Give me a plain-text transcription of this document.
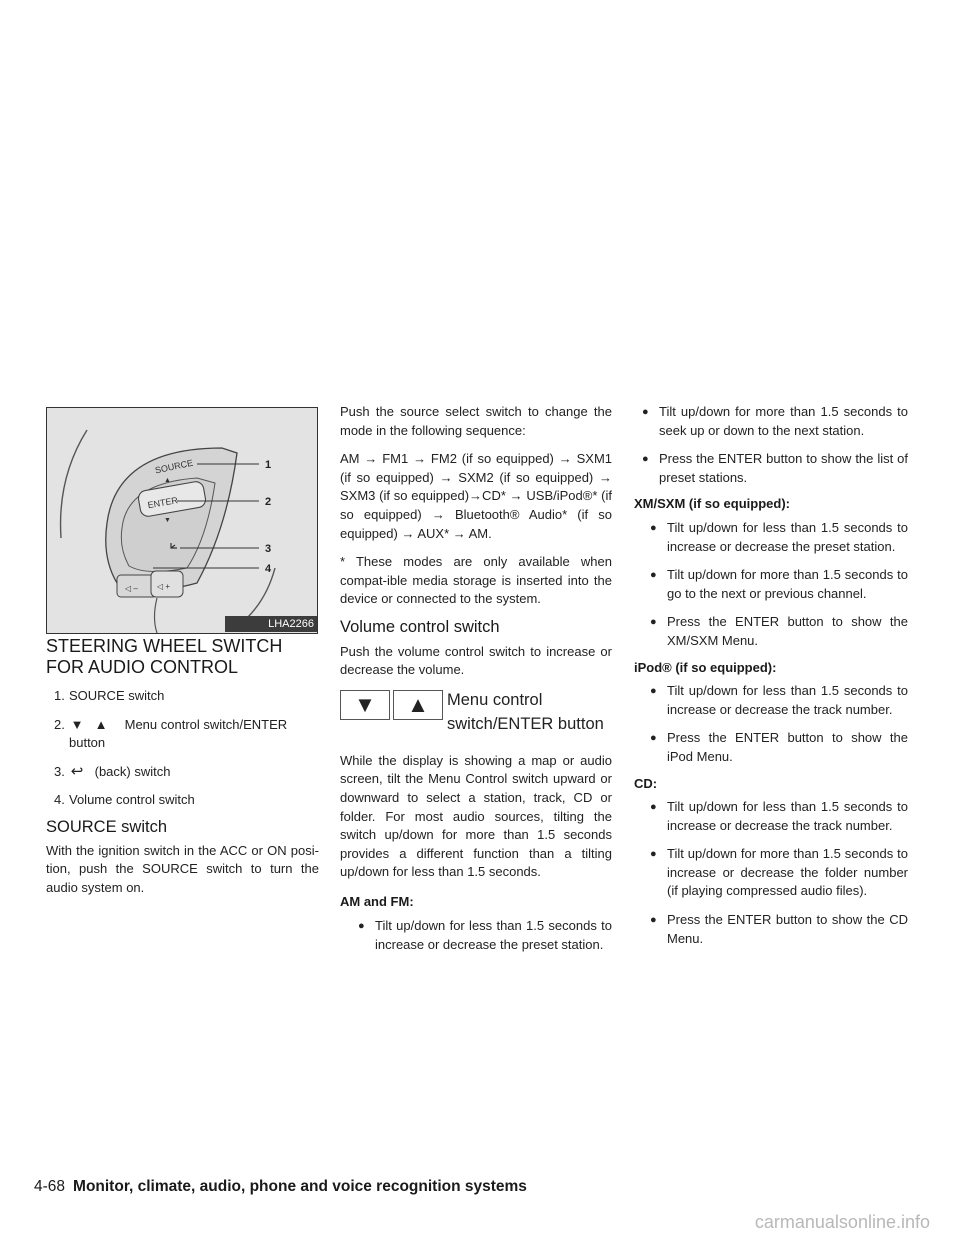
ENTER
SOURCE
▲
▼
◁ – ◁ +
1
2
3
4
LHA2266
STEERING WHEEL SWITCH FOR AUDIO CONTROL
1. SOURCE switch
2. ▼ ▲ Menu control switch/ENTER button
3. ↩ (back) switch
4. Volume control switch
SOURCE switch

With the ignition switch in the ACC or ON posi-tion, push the SOURCE switch to turn the audio system on.

Push the source select switch to change the mode in the following sequence:

AM → FM1 → FM2 (if so equipped) → SXM1 (if so equipped) → SXM2 (if so equipped) → SXM3 (if so equipped)→CD* → USB/iPod®* (if so equipped) → Bluetooth® Audio* (if so equipped) → AUX* → AM.

* These modes are only available when compat-ible media storage is inserted into the device or connected to the system.

Volume control switch

Push the volume control switch to increase or decrease the volume.

▼	▲	Menu control
switch/ENTER button

While the display is showing a map or audio screen, tilt the Menu Control switch upward or downward to select a station, track, CD or folder. For most audio sources, tilting the switch up/down for more than 1.5 seconds provides a different function than a tilting up/down for less than 1.5 seconds.

AM and FM:
● Tilt up/down for less than 1.5 seconds to increase or decrease the preset station.
● Tilt up/down for more than 1.5 seconds to seek up or down to the next station.
● Press the ENTER button to show the list of preset stations.
XM/SXM (if so equipped):
● Tilt up/down for less than 1.5 seconds to increase or decrease the preset station.
● Tilt up/down for more than 1.5 seconds to go to the next or previous channel.
● Press the ENTER button to show the XM/SXM Menu.
iPod® (if so equipped):
● Tilt up/down for less than 1.5 seconds to increase or decrease the track number.
● Press the ENTER button to show the iPod Menu.
CD:
● Tilt up/down for less than 1.5 seconds to increase or decrease the track number.
● Tilt up/down for more than 1.5 seconds to increase or decrease the folder number (if playing compressed audio files).
● Press the ENTER button to show the CD Menu.
4-68 Monitor, climate, audio, phone and voice recognition systems
carmanualsonline.info
